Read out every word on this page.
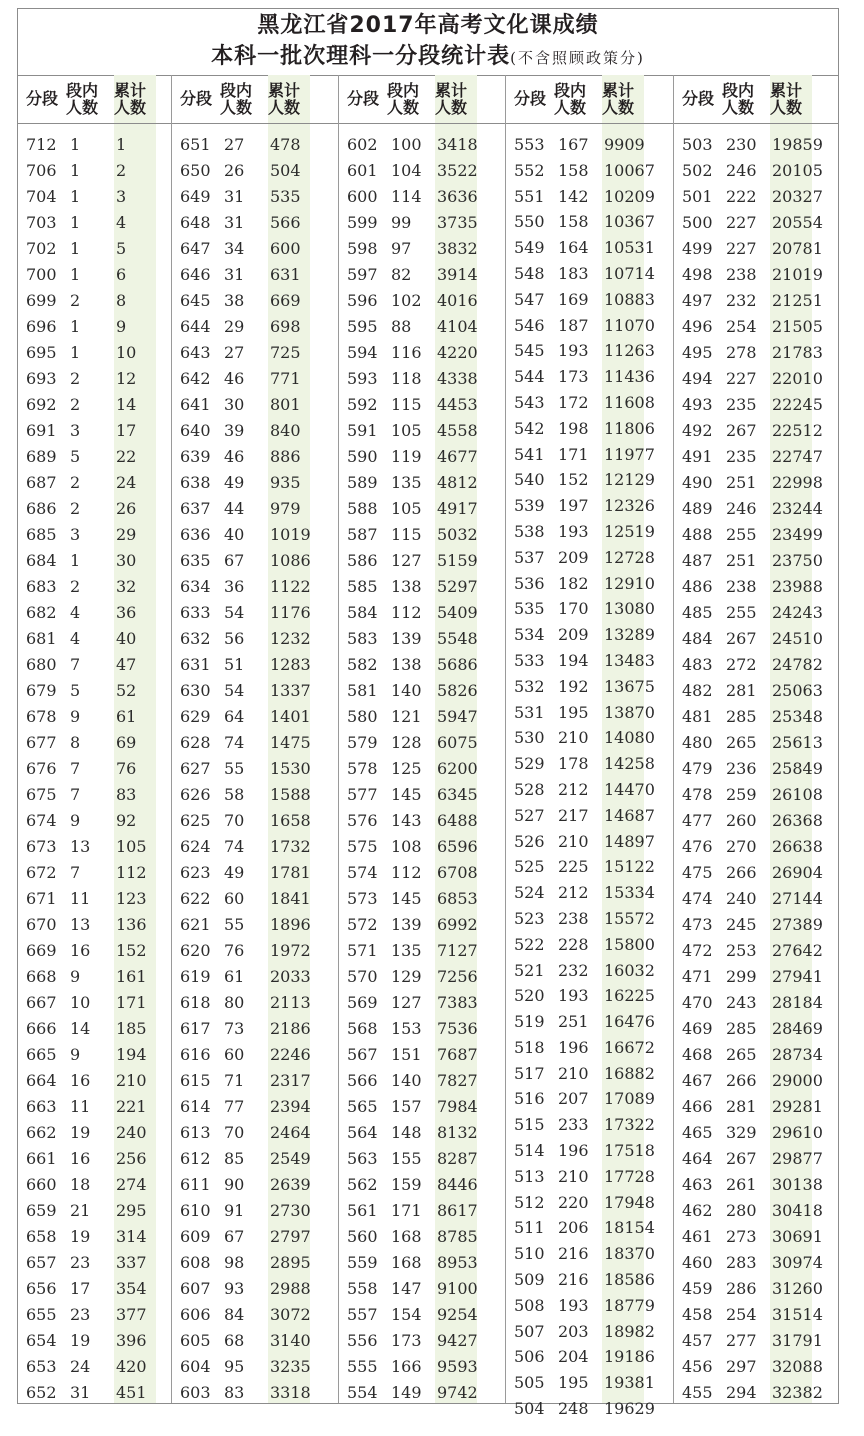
黑龙江省2017年高考文化课成绩
本科一批次理科一分段统计表(不含照顾政策分)
分段 段内
人数
累计
人数
712 1 1
706 1 2
704 1 3
703 1 4
702 1 5
700 1 6
699 2 8
696 1 9
695 1 10
693 2 12
692 2 14
691 3 17
689 5 22
687 2 24
686 2 26
685 3 29
684 1 30
683 2 32
682 4 36
681 4 40
680 7 47
679 5 52
678 9 61
677 8 69
676 7 76
675 7 83
674 9 92
673 13 105
672 7 112
671 11 123
670 13 136
669 16 152
668 9 161
667 10 171
666 14 185
665 9 194
664 16 210
663 11 221
662 19 240
661 16 256
660 18 274
659 21 295
658 19 314
657 23 337
656 17 354
655 23 377
654 19 396
653 24 420
652 31 451
分段 段内
人数
累计
人数
651 27 478
650 26 504
649 31 535
648 31 566
647 34 600
646 31 631
645 38 669
644 29 698
643 27 725
642 46 771
641 30 801
640 39 840
639 46 886
638 49 935
637 44 979
636 40 1019
635 67 1086
634 36 1122
633 54 1176
632 56 1232
631 51 1283
630 54 1337
629 64 1401
628 74 1475
627 55 1530
626 58 1588
625 70 1658
624 74 1732
623 49 1781
622 60 1841
621 55 1896
620 76 1972
619 61 2033
618 80 2113
617 73 2186
616 60 2246
615 71 2317
614 77 2394
613 70 2464
612 85 2549
611 90 2639
610 91 2730
609 67 2797
608 98 2895
607 93 2988
606 84 3072
605 68 3140
604 95 3235
603 83 3318
分段 段内
人数
累计
人数
602 100 3418
601 104 3522
600 114 3636
599 99 3735
598 97 3832
597 82 3914
596 102 4016
595 88 4104
594 116 4220
593 118 4338
592 115 4453
591 105 4558
590 119 4677
589 135 4812
588 105 4917
587 115 5032
586 127 5159
585 138 5297
584 112 5409
583 139 5548
582 138 5686
581 140 5826
580 121 5947
579 128 6075
578 125 6200
577 145 6345
576 143 6488
575 108 6596
574 112 6708
573 145 6853
572 139 6992
571 135 7127
570 129 7256
569 127 7383
568 153 7536
567 151 7687
566 140 7827
565 157 7984
564 148 8132
563 155 8287
562 159 8446
561 171 8617
560 168 8785
559 168 8953
558 147 9100
557 154 9254
556 173 9427
555 166 9593
554 149 9742
分段 段内
人数
累计
人数
553 167 9909
552 158 10067
551 142 10209
550 158 10367
549 164 10531
548 183 10714
547 169 10883
546 187 11070
545 193 11263
544 173 11436
543 172 11608
542 198 11806
541 171 11977
540 152 12129
539 197 12326
538 193 12519
537 209 12728
536 182 12910
535 170 13080
534 209 13289
533 194 13483
532 192 13675
531 195 13870
530 210 14080
529 178 14258
528 212 14470
527 217 14687
526 210 14897
525 225 15122
524 212 15334
523 238 15572
522 228 15800
521 232 16032
520 193 16225
519 251 16476
518 196 16672
517 210 16882
516 207 17089
515 233 17322
514 196 17518
513 210 17728
512 220 17948
511 206 18154
510 216 18370
509 216 18586
508 193 18779
507 203 18982
506 204 19186
505 195 19381
504 248 19629
分段 段内
人数
累计
人数
503 230 19859
502 246 20105
501 222 20327
500 227 20554
499 227 20781
498 238 21019
497 232 21251
496 254 21505
495 278 21783
494 227 22010
493 235 22245
492 267 22512
491 235 22747
490 251 22998
489 246 23244
488 255 23499
487 251 23750
486 238 23988
485 255 24243
484 267 24510
483 272 24782
482 281 25063
481 285 25348
480 265 25613
479 236 25849
478 259 26108
477 260 26368
476 270 26638
475 266 26904
474 240 27144
473 245 27389
472 253 27642
471 299 27941
470 243 28184
469 285 28469
468 265 28734
467 266 29000
466 281 29281
465 329 29610
464 267 29877
463 261 30138
462 280 30418
461 273 30691
460 283 30974
459 286 31260
458 254 31514
457 277 31791
456 297 32088
455 294 32382
